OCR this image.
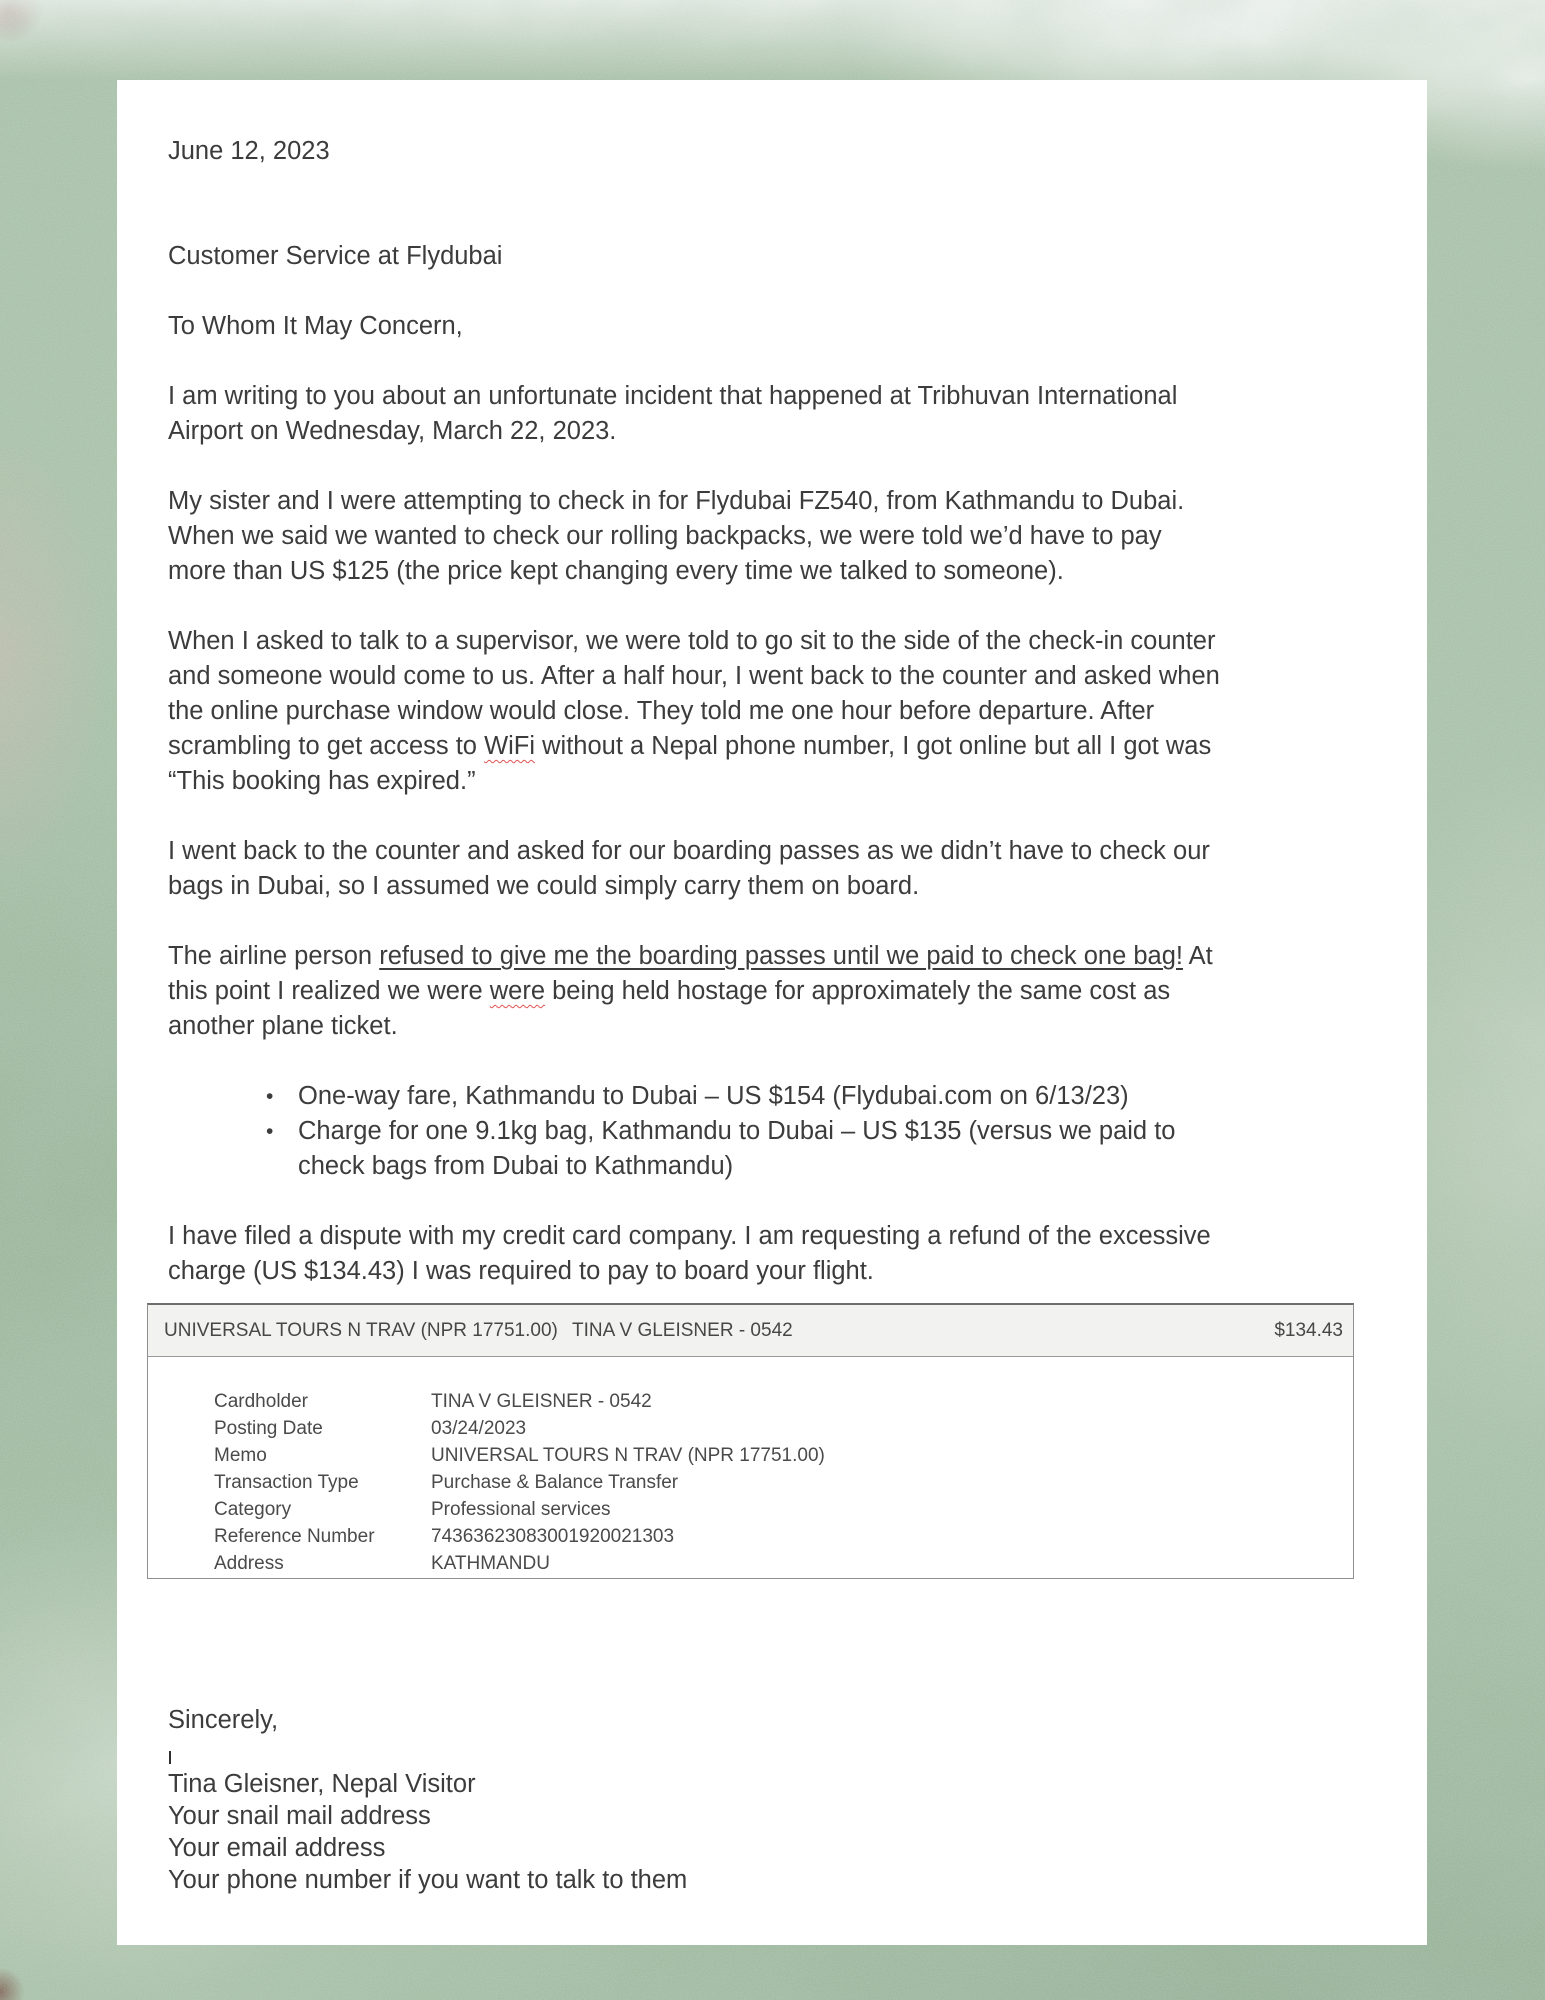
June 12, 2023
Customer Service at Flydubai
To Whom It May Concern,

I am writing to you about an unfortunate incident that happened at Tribhuvan International
Airport on Wednesday, March 22, 2023.

My sister and I were attempting to check in for Flydubai FZ540, from Kathmandu to Dubai.
When we said we wanted to check our rolling backpacks, we were told we’d have to pay
more than US $125 (the price kept changing every time we talked to someone).

When I asked to talk to a supervisor, we were told to go sit to the side of the check-in counter
and someone would come to us. After a half hour, I went back to the counter and asked when
the online purchase window would close. They told me one hour before departure. After
scrambling to get access to WiFi without a Nepal phone number, I got online but all I got was
“This booking has expired.”

I went back to the counter and asked for our boarding passes as we didn’t have to check our
bags in Dubai, so I assumed we could simply carry them on board.

The airline person refused to give me the boarding passes until we paid to check one bag! At
this point I realized we were were being held hostage for approximately the same cost as
another plane ticket.

• One-way fare, Kathmandu to Dubai – US $154 (Flydubai.com on 6/13/23)
• Charge for one 9.1kg bag, Kathmandu to Dubai – US $135 (versus we paid to
check bags from Dubai to Kathmandu)
I have filed a dispute with my credit card company. I am requesting a refund of the excessive
charge (US $134.43) I was required to pay to board your flight.
UNIVERSAL TOURS N TRAV (NPR 17751.00) TINA V GLEISNER - 0542	$134.43
Cardholder	TINA V GLEISNER - 0542
Posting Date	03/24/2023
Memo	UNIVERSAL TOURS N TRAV (NPR 17751.00)
Transaction Type	Purchase & Balance Transfer
Category	Professional services
Reference Number	74363623083001920021303
Address	KATHMANDU
Sincerely,
Tina Gleisner, Nepal Visitor
Your snail mail address
Your email address
Your phone number if you want to talk to them
